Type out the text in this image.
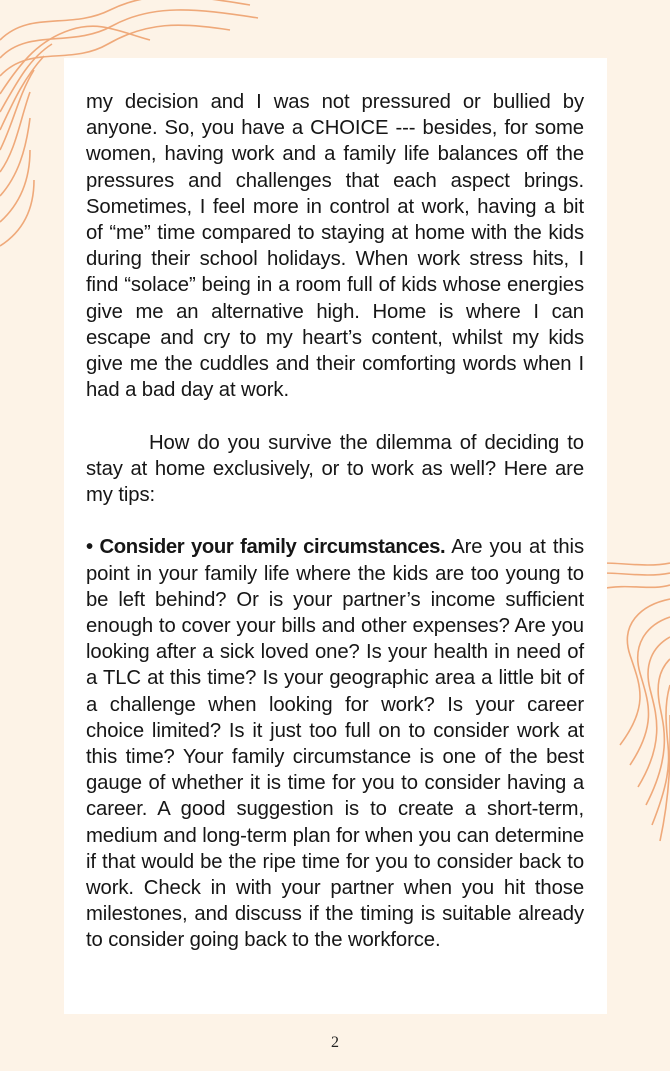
my decision and I was not pressured or bullied by anyone. So, you have a CHOICE --- besides, for some women, having work and a family life balances off the pressures and challenges that each aspect brings. Sometimes, I feel more in control at work, having a bit of “me” time compared to staying at home with the kids during their school holidays. When work stress hits, I find “solace” being in a room full of kids whose energies give me an alternative high. Home is where I can escape and cry to my heart’s content, whilst my kids give me the cuddles and their comforting words when I had a bad day at work.

How do you survive the dilemma of deciding to stay at home exclusively, or to work as well? Here are my tips:

• Consider your family circumstances. Are you at this point in your family life where the kids are too young to be left behind? Or is your partner’s income sufficient enough to cover your bills and other expenses? Are you looking after a sick loved one? Is your health in need of a TLC at this time? Is your geographic area a little bit of a challenge when looking for work? Is your career choice limited? Is it just too full on to consider work at this time? Your family circumstance is one of the best gauge of whether it is time for you to consider having a career. A good suggestion is to create a short-term, medium and long-term plan for when you can determine if that would be the ripe time for you to consider back to work. Check in with your partner when you hit those milestones, and discuss if the timing is suitable already to consider going back to the workforce.

2
